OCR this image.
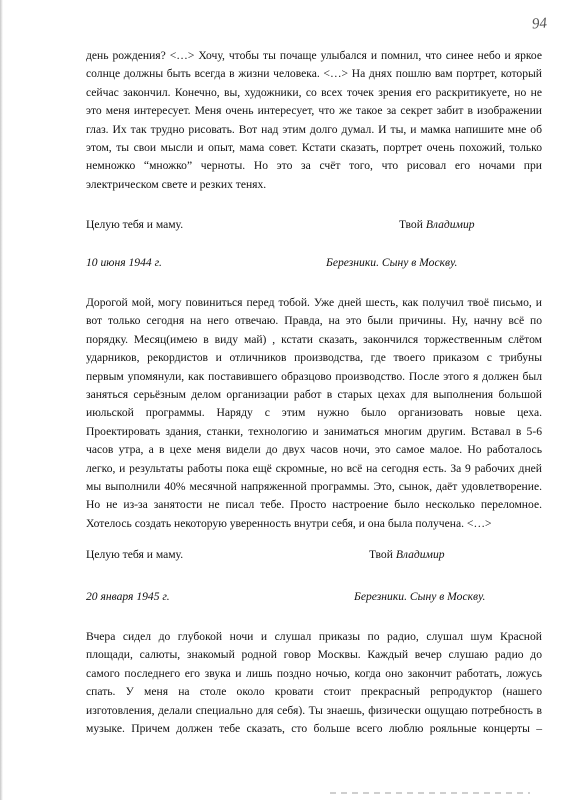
94
день рождения? <…> Хочу, чтобы ты почаще улыбался и помнил, что синее небо и яркое
солнце должны быть всегда в жизни человека. <…> На днях пошлю вам портрет, который
сейчас закончил. Конечно, вы, художники, со всех точек зрения его раскритикуете, но не
это меня интересует. Меня очень интересует, что же такое за секрет забит в изображении
глаз. Их так трудно рисовать. Вот над этим долго думал. И ты, и мамка напишите мне об
этом, ты свои мысли и опыт, мама совет. Кстати сказать, портрет очень похожий, только
немножко “множко” черноты. Но это за счёт того, что рисовал его ночами при
электрическом свете и резких тенях.
Целую тебя и маму.	Твой Владимир
10 июня 1944 г.	Березники. Сыну в Москву.
Дорогой мой, могу повиниться перед тобой. Уже дней шесть, как получил твоё письмо, и
вот только сегодня на него отвечаю. Правда, на это были причины. Ну, начну всё по
порядку. Месяц(имею в виду май) , кстати сказать, закончился торжественным слётом
ударников, рекордистов и отличников производства, где твоего приказом с трибуны
первым упомянули, как поставившего образцово производство. После этого я должен был
заняться серьёзным делом организации работ в старых цехах для выполнения большой
июльской программы. Наряду с этим нужно было организовать новые цеха.
Проектировать здания, станки, технологию и заниматься многим другим. Вставал в 5-6
часов утра, а в цехе меня видели до двух часов ночи, это самое малое. Но работалось
легко, и результаты работы пока ещё скромные, но всё на сегодня есть. За 9 рабочих дней
мы выполнили 40% месячной напряженной программы. Это, сынок, даёт удовлетворение.
Но не из-за занятости не писал тебе. Просто настроение было несколько переломное.
Хотелось создать некоторую уверенность внутри себя, и она была получена. <…>
Целую тебя и маму.	Твой Владимир
20 января 1945 г.	Березники. Сыну в Москву.
Вчера сидел до глубокой ночи и слушал приказы по радио, слушал шум Красной
площади, салюты, знакомый родной говор Москвы. Каждый вечер слушаю радио до
самого последнего его звука и лишь поздно ночью, когда оно закончит работать, ложусь
спать. У меня на столе около кровати стоит прекрасный репродуктор (нашего
изготовления, делали специально для себя). Ты знаешь, физически ощущаю потребность в
музыке. Причем должен тебе сказать, сто больше всего люблю рояльные концерты –
